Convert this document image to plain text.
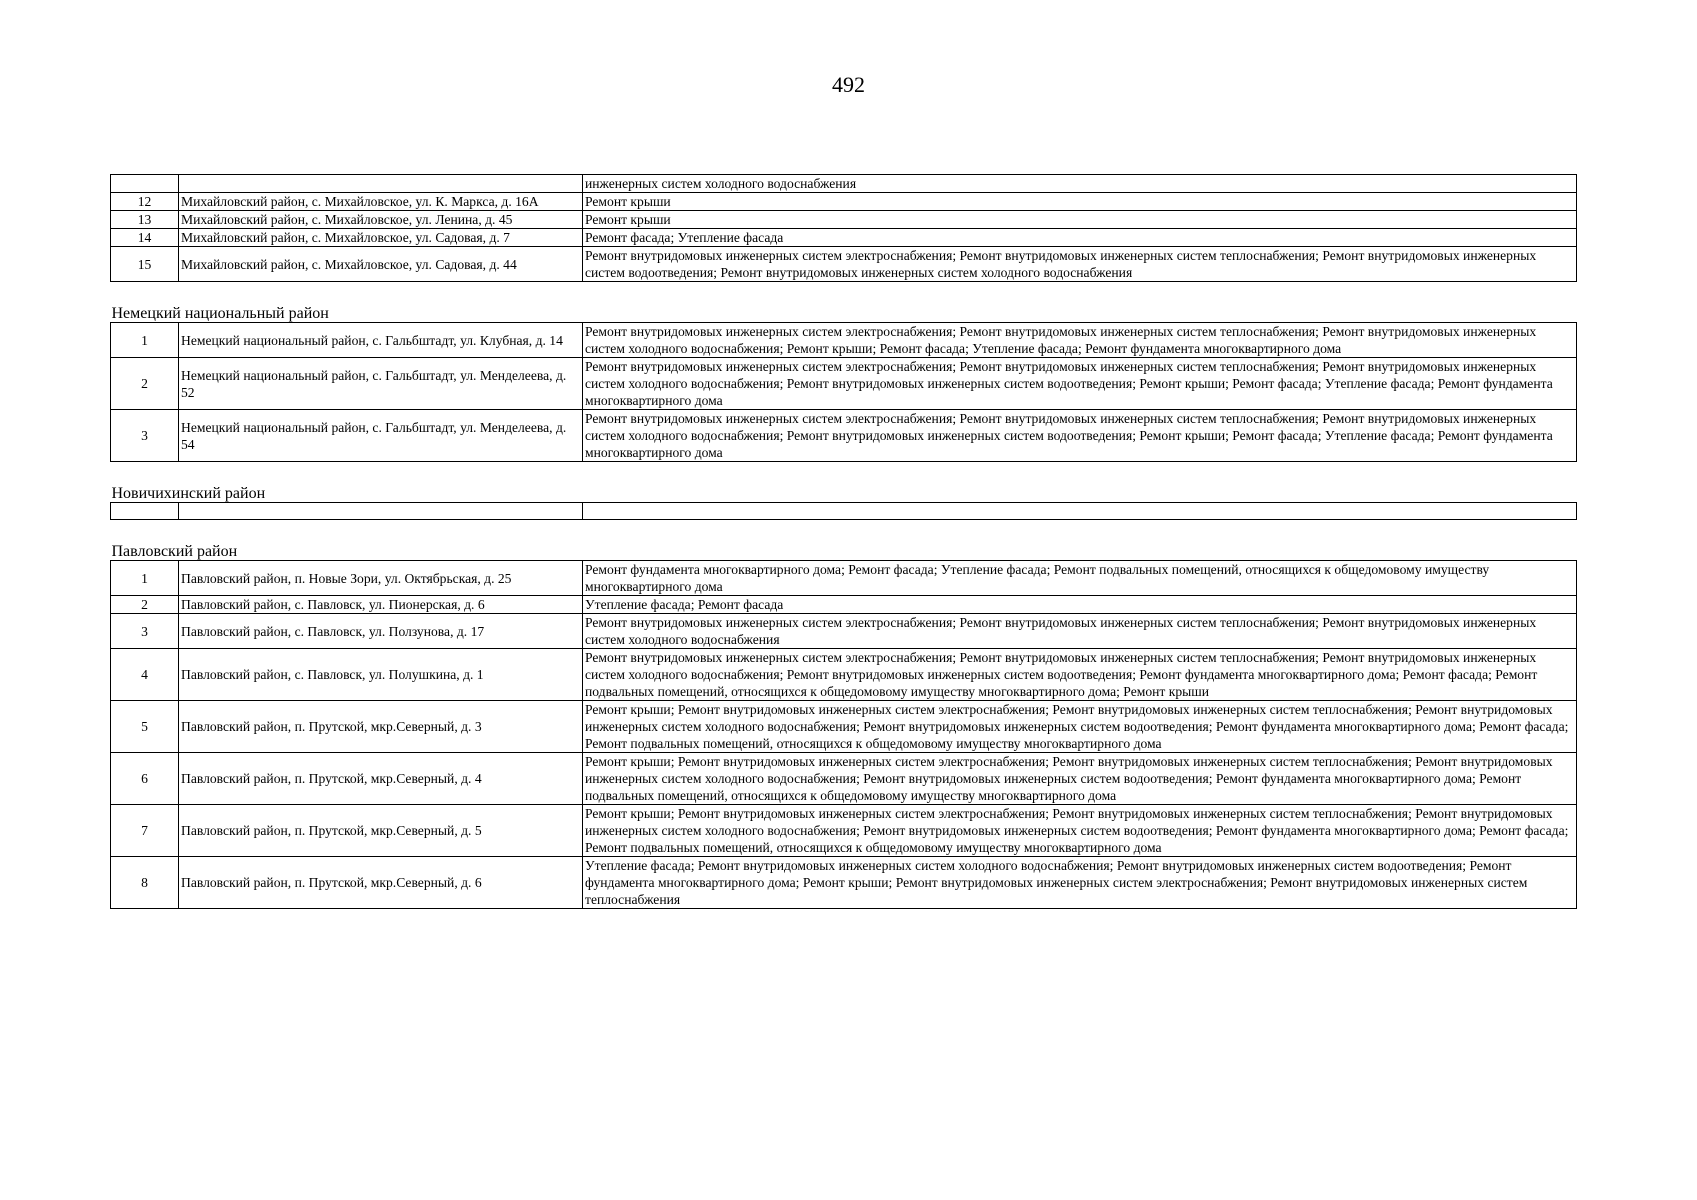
492
		инженерных систем холодного водоснабжения
12	Михайловский район, с. Михайловское, ул. К. Маркса, д. 16А	Ремонт крыши
13	Михайловский район, с. Михайловское, ул. Ленина, д. 45	Ремонт крыши
14	Михайловский район, с. Михайловское, ул. Садовая, д. 7	Ремонт фасада; Утепление фасада
15	Михайловский район, с. Михайловское, ул. Садовая, д. 44	Ремонт внутридомовых инженерных систем электроснабжения; Ремонт внутридомовых инженерных систем теплоснабжения; Ремонт внутридомовых инженерных систем водоотведения; Ремонт внутридомовых инженерных систем холодного водоснабжения
Немецкий национальный район		
1	Немецкий национальный район, с. Гальбштадт, ул. Клубная, д. 14	Ремонт внутридомовых инженерных систем электроснабжения; Ремонт внутридомовых инженерных систем теплоснабжения; Ремонт внутридомовых инженерных систем холодного водоснабжения; Ремонт крыши; Ремонт фасада; Утепление фасада; Ремонт фундамента многоквартирного дома
2	Немецкий национальный район, с. Гальбштадт, ул. Менделеева, д. 52	Ремонт внутридомовых инженерных систем электроснабжения; Ремонт внутридомовых инженерных систем теплоснабжения; Ремонт внутридомовых инженерных систем холодного водоснабжения; Ремонт внутридомовых инженерных систем водоотведения; Ремонт крыши; Ремонт фасада; Утепление фасада; Ремонт фундамента многоквартирного дома
3	Немецкий национальный район, с. Гальбштадт, ул. Менделеева, д. 54	Ремонт внутридомовых инженерных систем электроснабжения; Ремонт внутридомовых инженерных систем теплоснабжения; Ремонт внутридомовых инженерных систем холодного водоснабжения; Ремонт внутридомовых инженерных систем водоотведения; Ремонт крыши; Ремонт фасада; Утепление фасада; Ремонт фундамента многоквартирного дома
Новичихинский район		

Павловский район		
1	Павловский район, п. Новые Зори, ул. Октябрьская, д. 25	Ремонт фундамента многоквартирного дома; Ремонт фасада; Утепление фасада; Ремонт подвальных помещений, относящихся к общедомовому имуществу многоквартирного дома
2	Павловский район, с. Павловск, ул. Пионерская, д. 6	Утепление фасада; Ремонт фасада
3	Павловский район, с. Павловск, ул. Ползунова, д. 17	Ремонт внутридомовых инженерных систем электроснабжения; Ремонт внутридомовых инженерных систем теплоснабжения; Ремонт внутридомовых инженерных систем холодного водоснабжения
4	Павловский район, с. Павловск, ул. Полушкина, д. 1	Ремонт внутридомовых инженерных систем электроснабжения; Ремонт внутридомовых инженерных систем теплоснабжения; Ремонт внутридомовых инженерных систем холодного водоснабжения; Ремонт внутридомовых инженерных систем водоотведения; Ремонт фундамента многоквартирного дома; Ремонт фасада; Ремонт подвальных помещений, относящихся к общедомовому имуществу многоквартирного дома; Ремонт крыши
5	Павловский район, п. Прутской, мкр.Северный, д. 3	Ремонт крыши; Ремонт внутридомовых инженерных систем электроснабжения; Ремонт внутридомовых инженерных систем теплоснабжения; Ремонт внутридомовых инженерных систем холодного водоснабжения; Ремонт внутридомовых инженерных систем водоотведения; Ремонт фундамента многоквартирного дома; Ремонт фасада; Ремонт подвальных помещений, относящихся к общедомовому имуществу многоквартирного дома
6	Павловский район, п. Прутской, мкр.Северный, д. 4	Ремонт крыши; Ремонт внутридомовых инженерных систем электроснабжения; Ремонт внутридомовых инженерных систем теплоснабжения; Ремонт внутридомовых инженерных систем холодного водоснабжения; Ремонт внутридомовых инженерных систем водоотведения; Ремонт фундамента многоквартирного дома; Ремонт подвальных помещений, относящихся к общедомовому имуществу многоквартирного дома
7	Павловский район, п. Прутской, мкр.Северный, д. 5	Ремонт крыши; Ремонт внутридомовых инженерных систем электроснабжения; Ремонт внутридомовых инженерных систем теплоснабжения; Ремонт внутридомовых инженерных систем холодного водоснабжения; Ремонт внутридомовых инженерных систем водоотведения; Ремонт фундамента многоквартирного дома; Ремонт фасада; Ремонт подвальных помещений, относящихся к общедомовому имуществу многоквартирного дома
8	Павловский район, п. Прутской, мкр.Северный, д. 6	Утепление фасада; Ремонт внутридомовых инженерных систем холодного водоснабжения; Ремонт внутридомовых инженерных систем водоотведения; Ремонт фундамента многоквартирного дома; Ремонт крыши; Ремонт внутридомовых инженерных систем электроснабжения; Ремонт внутридомовых инженерных систем теплоснабжения
